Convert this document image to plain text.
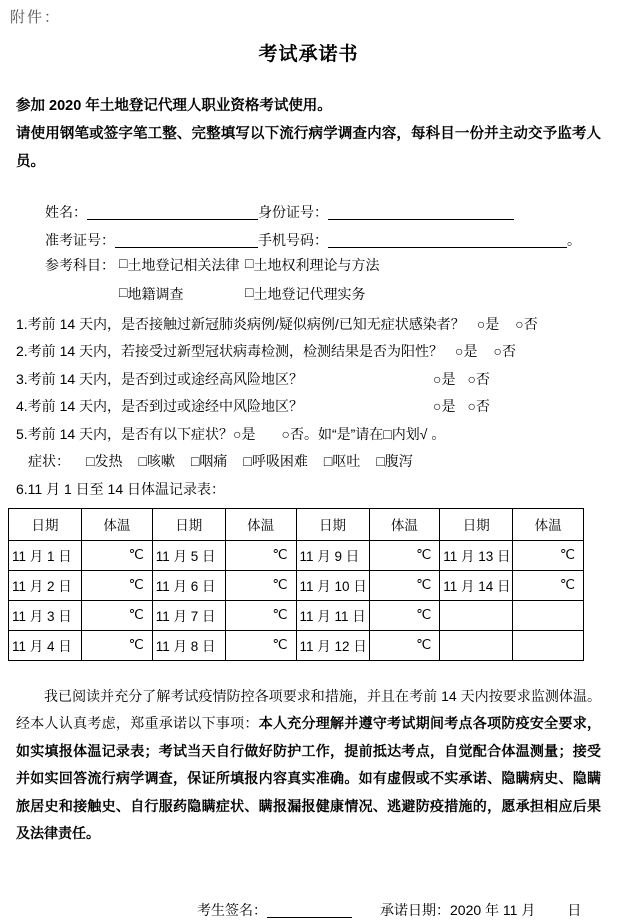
附件：
考试承诺书

参加 2020 年土地登记代理人职业资格考试使用。

请使用钢笔或签字笔工整、完整填写以下流行病学调查内容，每科目一份并主动交予监考人员。

姓名：	身份证号：
准考证号：	手机号码：	。
参考科目： □ 土地登记相关法律 □ 土地权利理论与方法
□ 地籍调查	□ 土地登记代理实务
1.考前 14 天内，是否接触过新冠肺炎病例/疑似病例/已知无症状感染者？ ○是 ○否
2.考前 14 天内，若接受过新型冠状病毒检测，检测结果是否为阳性？ ○是 ○否
3.考前 14 天内，是否到过或途经高风险地区？	○是 ○否
4.考前 14 天内，是否到过或途经中风险地区？	○是 ○否
5.考前 14 天内，是否有以下症状？ ○是 ○否 。如“是”请在□内划√ 。
症状： □发热 □咳嗽 □咽痛 □呼吸困难 □呕吐 □腹泻
6.11 月 1 日至 14 日体温记录表：
日期	体温	日期	体温	日期	体温	日期	体温
11 月 1 日	℃	11 月 5 日	℃	11 月 9 日	℃	11 月 13 日	℃
11 月 2 日	℃	11 月 6 日	℃	11 月 10 日	℃	11 月 14 日	℃
11 月 3 日	℃	11 月 7 日	℃	11 月 11 日	℃		
11 月 4 日	℃	11 月 8 日	℃	11 月 12 日	℃		

我已阅读并充分了解考试疫情防控各项要求和措施，并且在考前 14 天内按要求监测体温。经本人认真考虑，郑重承诺以下事项：本人充分理解并遵守考试期间考点各项防疫安全要求，如实填报体温记录表；考试当天自行做好防护工作，提前抵达考点，自觉配合体温测量；接受并如实回答流行病学调查，保证所填报内容真实准确。如有虚假或不实承诺、隐瞒病史、隐瞒旅居史和接触史、自行服药隐瞒症状、瞒报漏报健康情况、逃避防疫措施的，愿承担相应后果及法律责任。

考生签名：	承诺日期：2020 年 11 月 日
